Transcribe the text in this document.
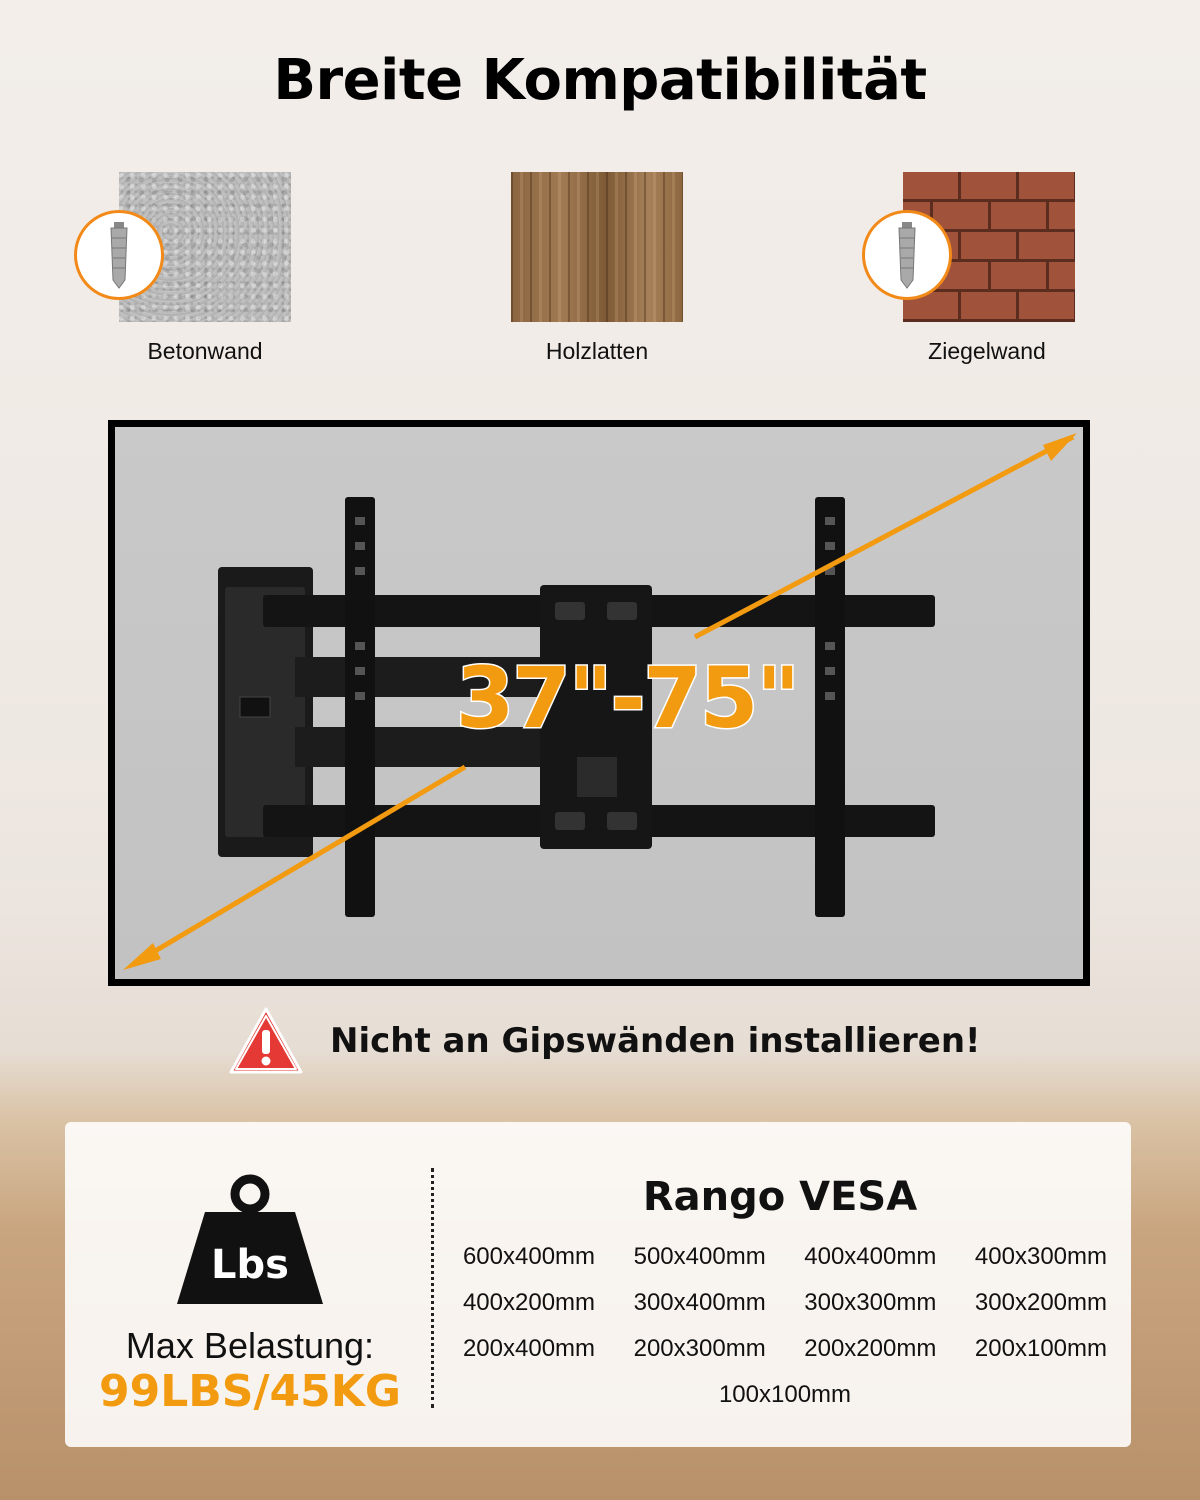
Breite Kompatibilität
Betonwand	Holzlatten	Ziegelwand
37"-75"
Nicht an Gipswänden installieren!
Lbs
Max Belastung:
99LBS/45KG
Rango VESA
600x400mm	500x400mm	400x400mm	400x300mm
400x200mm	300x400mm	300x300mm	300x200mm
200x400mm	200x300mm	200x200mm	200x100mm
100x100mm
